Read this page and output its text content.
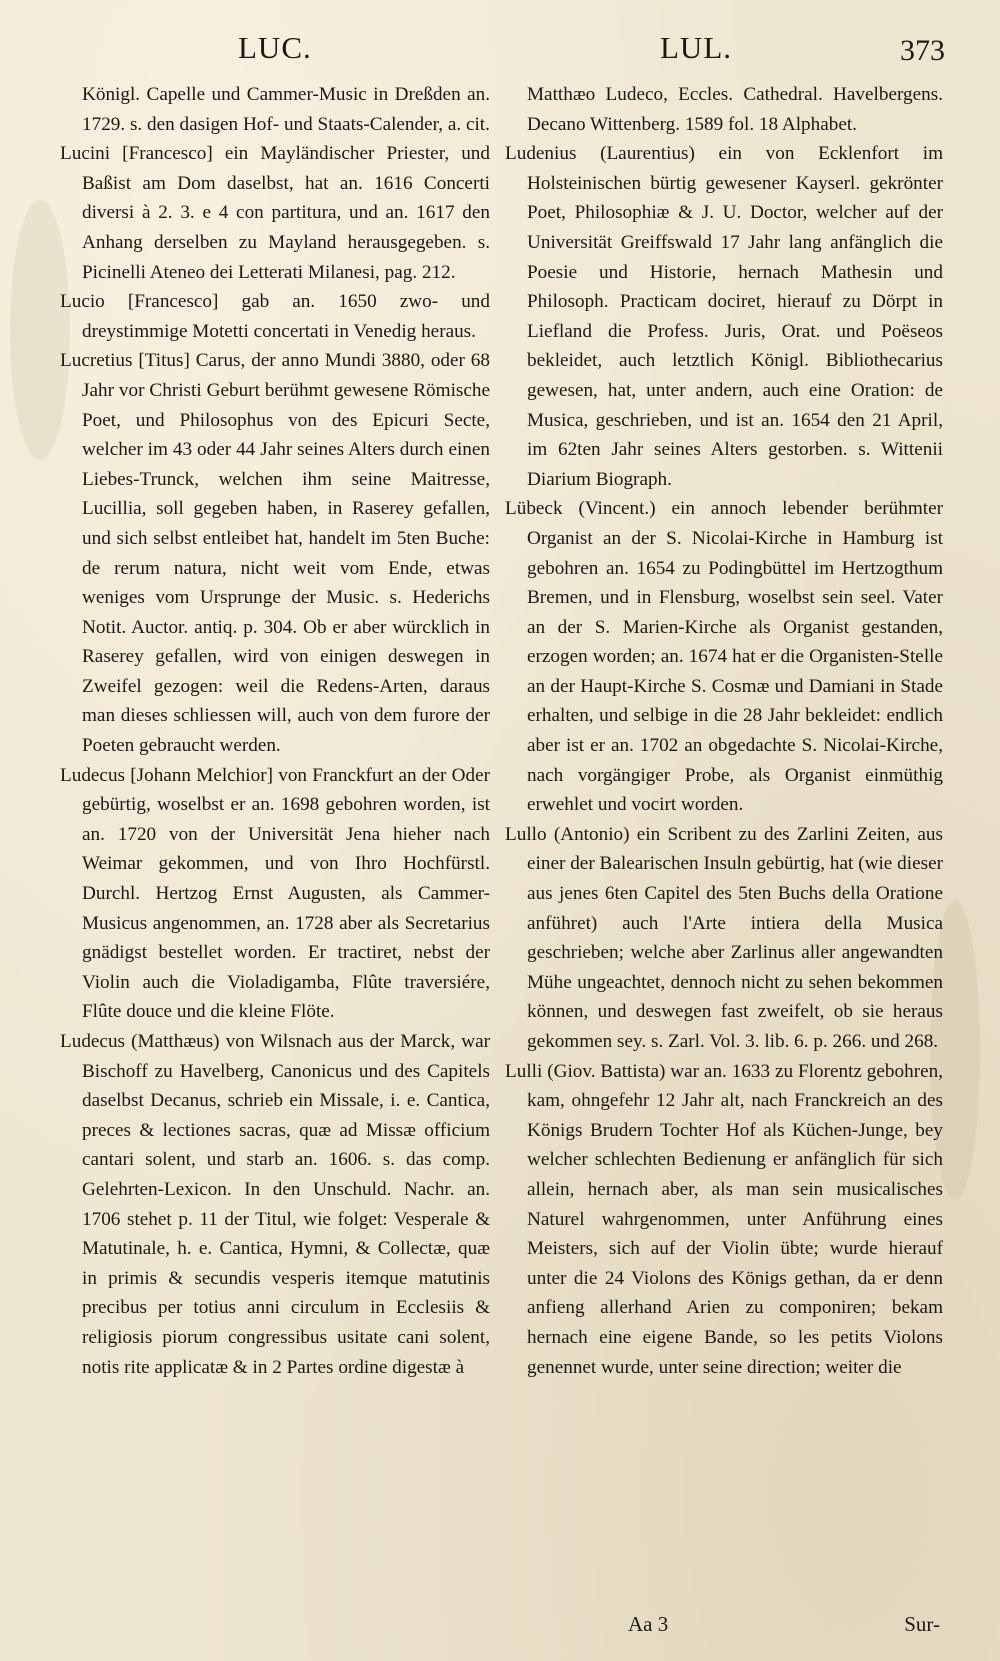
LUC.	LUL.	373

Königl. Capelle und Cammer-Music in Dreßden an. 1729. s. den dasigen Hof- und Staats-Calender, a. cit.

Lucini [Francesco] ein Mayländischer Priester, und Baßist am Dom daselbst, hat an. 1616 Concerti diversi à 2. 3. e 4 con partitura, und an. 1617 den Anhang derselben zu Mayland herausgegeben. s. Picinelli Ateneo dei Letterati Milanesi, pag. 212.

Lucio [Francesco] gab an. 1650 zwo- und dreystimmige Motetti concertati in Venedig heraus.

Lucretius [Titus] Carus, der anno Mundi 3880, oder 68 Jahr vor Christi Geburt berühmt gewesene Römische Poet, und Philosophus von des Epicuri Secte, welcher im 43 oder 44 Jahr seines Alters durch einen Liebes-Trunck, welchen ihm seine Maitresse, Lucillia, soll gegeben haben, in Raserey gefallen, und sich selbst entleibet hat, handelt im 5ten Buche: de rerum natura, nicht weit vom Ende, etwas weniges vom Ursprunge der Music. s. Hederichs Notit. Auctor. antiq. p. 304. Ob er aber würcklich in Raserey gefallen, wird von einigen deswegen in Zweifel gezogen: weil die Redens-Arten, daraus man dieses schliessen will, auch von dem furore der Poeten gebraucht werden.

Ludecus [Johann Melchior] von Franckfurt an der Oder gebürtig, woselbst er an. 1698 gebohren worden, ist an. 1720 von der Universität Jena hieher nach Weimar gekommen, und von Ihro Hochfürstl. Durchl. Hertzog Ernst Augusten, als Cammer-Musicus angenommen, an. 1728 aber als Secretarius gnädigst bestellet worden. Er tractiret, nebst der Violin auch die Violadigamba, Flûte traversiére, Flûte douce und die kleine Flöte.

Ludecus (Matthæus) von Wilsnach aus der Marck, war Bischoff zu Havelberg, Canonicus und des Capitels daselbst Decanus, schrieb ein Missale, i. e. Cantica, preces & lectiones sacras, quæ ad Missæ officium cantari solent, und starb an. 1606. s. das comp. Gelehrten-Lexicon. In den Unschuld. Nachr. an. 1706 stehet p. 11 der Titul, wie folget: Vesperale & Matutinale, h. e. Cantica, Hymni, & Collectæ, quæ in primis & secundis vesperis itemque matutinis precibus per totius anni circulum in Ecclesiis & religiosis piorum congressibus usitate cani solent, notis rite applicatæ & in 2 Partes ordine digestæ à

Matthæo Ludeco, Eccles. Cathedral. Havelbergens. Decano Wittenberg. 1589 fol. 18 Alphabet.

Ludenius (Laurentius) ein von Ecklenfort im Holsteinischen bürtig gewesener Kayserl. gekrönter Poet, Philosophiæ & J. U. Doctor, welcher auf der Universität Greiffswald 17 Jahr lang anfänglich die Poesie und Historie, hernach Mathesin und Philosoph. Practicam dociret, hierauf zu Dörpt in Liefland die Profess. Juris, Orat. und Poëseos bekleidet, auch letztlich Königl. Bibliothecarius gewesen, hat, unter andern, auch eine Oration: de Musica, geschrieben, und ist an. 1654 den 21 April, im 62ten Jahr seines Alters gestorben. s. Wittenii Diarium Biograph.

Lübeck (Vincent.) ein annoch lebender berühmter Organist an der S. Nicolai-Kirche in Hamburg ist gebohren an. 1654 zu Podingbüttel im Hertzogthum Bremen, und in Flensburg, woselbst sein seel. Vater an der S. Marien-Kirche als Organist gestanden, erzogen worden; an. 1674 hat er die Organisten-Stelle an der Haupt-Kirche S. Cosmæ und Damiani in Stade erhalten, und selbige in die 28 Jahr bekleidet: endlich aber ist er an. 1702 an obgedachte S. Nicolai-Kirche, nach vorgängiger Probe, als Organist einmüthig erwehlet und vocirt worden.

Lullo (Antonio) ein Scribent zu des Zarlini Zeiten, aus einer der Balearischen Insuln gebürtig, hat (wie dieser aus jenes 6ten Capitel des 5ten Buchs della Oratione anführet) auch l'Arte intiera della Musica geschrieben; welche aber Zarlinus aller angewandten Mühe ungeachtet, dennoch nicht zu sehen bekommen können, und deswegen fast zweifelt, ob sie heraus gekommen sey. s. Zarl. Vol. 3. lib. 6. p. 266. und 268.

Lulli (Giov. Battista) war an. 1633 zu Florentz gebohren, kam, ohngefehr 12 Jahr alt, nach Franckreich an des Königs Brudern Tochter Hof als Küchen-Junge, bey welcher schlechten Bedienung er anfänglich für sich allein, hernach aber, als man sein musicalisches Naturel wahrgenommen, unter Anführung eines Meisters, sich auf der Violin übte; wurde hierauf unter die 24 Violons des Königs gethan, da er denn anfieng allerhand Arien zu componiren; bekam hernach eine eigene Bande, so les petits Violons genennet wurde, unter seine direction; weiter die

Aa 3	Sur-
